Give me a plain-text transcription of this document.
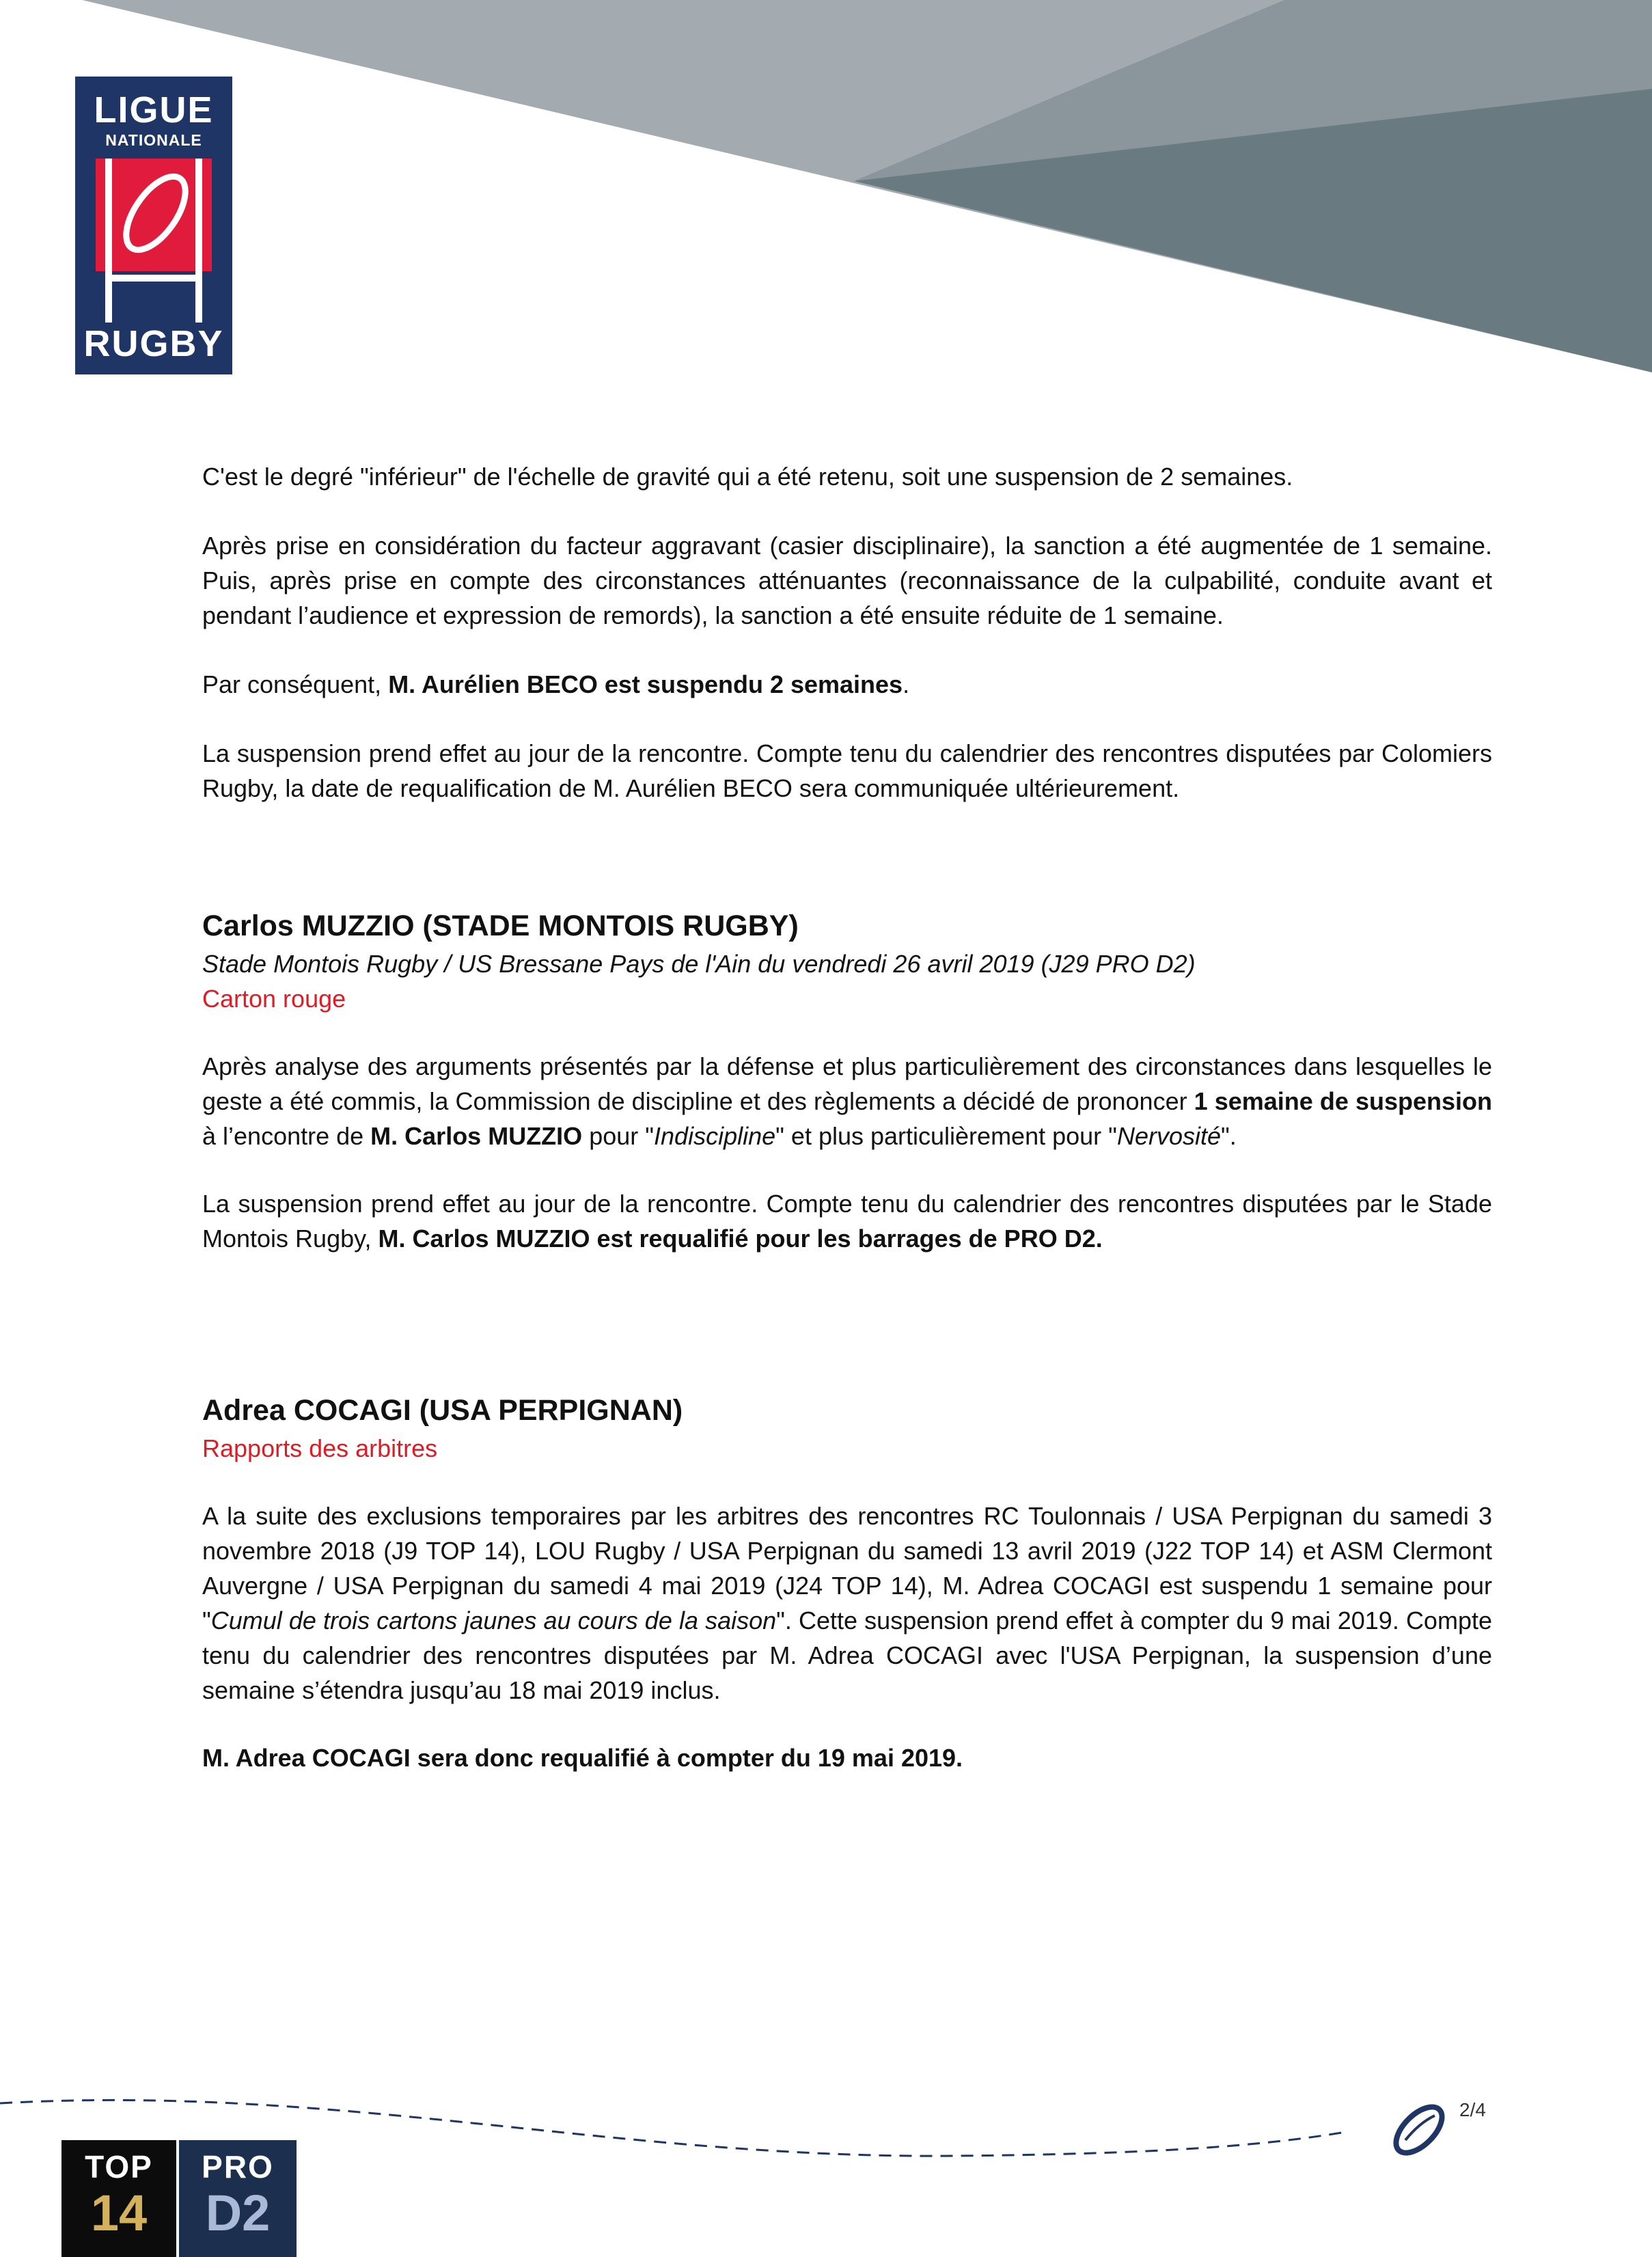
LIGUE
NATIONALE
RUGBY

C'est le degré "inférieur" de l'échelle de gravité qui a été retenu, soit une suspension de 2 semaines.

Après prise en considération du facteur aggravant (casier disciplinaire), la sanction a été augmentée de 1 semaine. Puis, après prise en compte des circonstances atténuantes (reconnaissance de la culpabilité, conduite avant et pendant l’audience et expression de remords), la sanction a été ensuite réduite de 1 semaine.

Par conséquent, M. Aurélien BECO est suspendu 2 semaines.

La suspension prend effet au jour de la rencontre. Compte tenu du calendrier des rencontres disputées par Colomiers Rugby, la date de requalification de M. Aurélien BECO sera communiquée ultérieurement.

Carlos MUZZIO (STADE MONTOIS RUGBY)

Stade Montois Rugby / US Bressane Pays de l'Ain du vendredi 26 avril 2019 (J29 PRO D2)

Carton rouge

Après analyse des arguments présentés par la défense et plus particulièrement des circonstances dans lesquelles le geste a été commis, la Commission de discipline et des règlements a décidé de prononcer 1 semaine de suspension à l’encontre de M. Carlos MUZZIO pour "Indiscipline" et plus particulièrement pour "Nervosité".

La suspension prend effet au jour de la rencontre. Compte tenu du calendrier des rencontres disputées par le Stade Montois Rugby, M. Carlos MUZZIO est requalifié pour les barrages de PRO D2.

Adrea COCAGI (USA PERPIGNAN)

Rapports des arbitres

A la suite des exclusions temporaires par les arbitres des rencontres RC Toulonnais / USA Perpignan du samedi 3 novembre 2018 (J9 TOP 14), LOU Rugby / USA Perpignan du samedi 13 avril 2019 (J22 TOP 14) et ASM Clermont Auvergne / USA Perpignan du samedi 4 mai 2019 (J24 TOP 14), M. Adrea COCAGI est suspendu 1 semaine pour "Cumul de trois cartons jaunes au cours de la saison". Cette suspension prend effet à compter du 9 mai 2019. Compte tenu du calendrier des rencontres disputées par M. Adrea COCAGI avec l'USA Perpignan, la suspension d’une semaine s’étendra jusqu’au 18 mai 2019 inclus.

M. Adrea COCAGI sera donc requalifié à compter du 19 mai 2019.

2/4
TOP
14
PRO
D2
